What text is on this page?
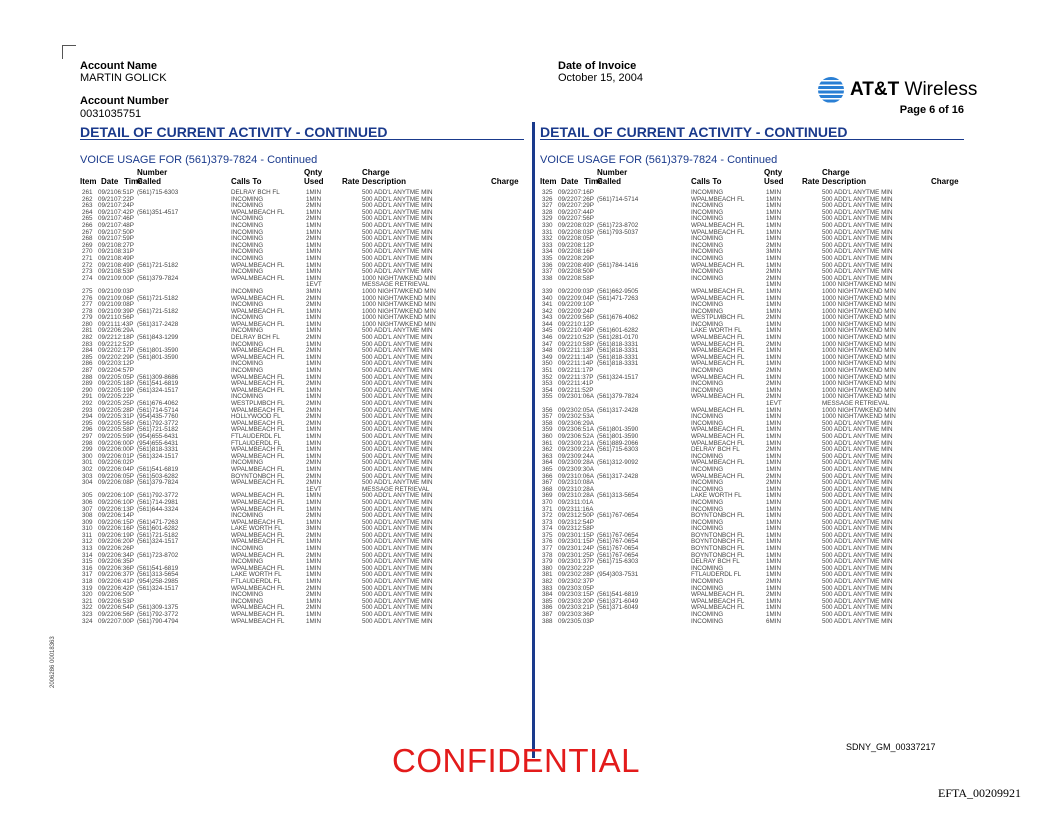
Account Name
MARTIN GOLICK
Account Number
0031035751
Date of Invoice
October 15, 2004
AT&T Wireless
Page 6 of 16
DETAIL OF CURRENT ACTIVITY - CONTINUED	DETAIL OF CURRENT ACTIVITY - CONTINUED
VOICE USAGE FOR (561)379-7824 - Continued	VOICE USAGE FOR (561)379-7824 - Continued
Number	Qnty	Charge
Item Date Time
Called	Calls To	Used Rate Description	Charge
Number	Qnty	Charge
Item Date Time
Called	Calls To	Used Rate Description	Charge
261 09/21 06:51P (561)715-6303	DELRAY BCH FL	1MIN	500 ADD'L ANYTME MIN
262 09/21 07:22P	INCOMING	1MIN	500 ADD'L ANYTME MIN
263 09/21 07:24P	INCOMING	2MIN	500 ADD'L ANYTME MIN
264 09/21 07:42P (561)351-4517	WPALMBEACH FL	1MIN	500 ADD'L ANYTME MIN
265 09/21 07:46P	INCOMING	2MIN	500 ADD'L ANYTME MIN
266 09/21 07:48P	INCOMING	1MIN	500 ADD'L ANYTME MIN
267 09/21 07:50P	INCOMING	1MIN	500 ADD'L ANYTME MIN
268 09/21 07:59P	INCOMING	2MIN	500 ADD'L ANYTME MIN
269 09/21 08:27P	INCOMING	1MIN	500 ADD'L ANYTME MIN
270 09/21 08:31P	INCOMING	1MIN	500 ADD'L ANYTME MIN
271 09/21 08:49P	INCOMING	1MIN	500 ADD'L ANYTME MIN
272 09/21 08:49P (561)721-5182	WPALMBEACH FL	1MIN	500 ADD'L ANYTME MIN
273 09/21 08:53P	INCOMING	1MIN	500 ADD'L ANYTME MIN
274 09/21 09:00P (561)379-7824	WPALMBEACH FL	1MIN	1000 NIGHT/WKEND MIN
1EVT	MESSAGE RETRIEVAL
275 09/21 09:03P	INCOMING	3MIN	1000 NIGHT/WKEND MIN
276 09/21 09:06P (561)721-5182	WPALMBEACH FL	2MIN	1000 NIGHT/WKEND MIN
277 09/21 09:08P	INCOMING	2MIN	1000 NIGHT/WKEND MIN
278 09/21 09:39P (561)721-5182	WPALMBEACH FL	1MIN	1000 NIGHT/WKEND MIN
279 09/21 10:56P	INCOMING	1MIN	1000 NIGHT/WKEND MIN
280 09/21 11:43P (561)317-2428	WPALMBEACH FL	1MIN	1000 NIGHT/WKEND MIN
281 09/22 06:29A	INCOMING	1MIN	500 ADD'L ANYTME MIN
282 09/22 12:18P (561)843-1299	DELRAY BCH FL	2MIN	500 ADD'L ANYTME MIN
283 09/22 12:52P	INCOMING	1MIN	500 ADD'L ANYTME MIN
284 09/22 02:17P (561)801-3590	WPALMBEACH FL	2MIN	500 ADD'L ANYTME MIN
285 09/22 02:29P (561)801-3590	WPALMBEACH FL	1MIN	500 ADD'L ANYTME MIN
286 09/22 03:12P	INCOMING	1MIN	500 ADD'L ANYTME MIN
287 09/22 04:57P	INCOMING	1MIN	500 ADD'L ANYTME MIN
288 09/22 05:05P (561)309-8686	WPALMBEACH FL	1MIN	500 ADD'L ANYTME MIN
289 09/22 05:18P (561)541-6819	WPALMBEACH FL	2MIN	500 ADD'L ANYTME MIN
290 09/22 05:19P (561)324-1517	WPALMBEACH FL	1MIN	500 ADD'L ANYTME MIN
291 09/22 05:22P	INCOMING	1MIN	500 ADD'L ANYTME MIN
292 09/22 05:25P (561)676-4062	WESTPLMBCH FL	2MIN	500 ADD'L ANYTME MIN
293 09/22 05:28P (561)714-5714	WPALMBEACH FL	2MIN	500 ADD'L ANYTME MIN
294 09/22 05:31P (954)435-7760	HOLLYWOOD FL	2MIN	500 ADD'L ANYTME MIN
295 09/22 05:56P (561)792-3772	WPALMBEACH FL	2MIN	500 ADD'L ANYTME MIN
296 09/22 05:58P (561)721-5182	WPALMBEACH FL	1MIN	500 ADD'L ANYTME MIN
297 09/22 05:59P (954)655-6431	FTLAUDERDL FL	1MIN	500 ADD'L ANYTME MIN
298 09/22 06:00P (954)655-6431	FTLAUDERDL FL	1MIN	500 ADD'L ANYTME MIN
299 09/22 06:00P (561)818-3331	WPALMBEACH FL	1MIN	500 ADD'L ANYTME MIN
300 09/22 06:01P (561)324-1517	WPALMBEACH FL	1MIN	500 ADD'L ANYTME MIN
301 09/22 06:02P	INCOMING	2MIN	500 ADD'L ANYTME MIN
302 09/22 06:04P (561)541-6819	WPALMBEACH FL	1MIN	500 ADD'L ANYTME MIN
303 09/22 06:05P (561)503-6282	BOYNTONBCH FL	2MIN	500 ADD'L ANYTME MIN
304 09/22 06:08P (561)379-7824	WPALMBEACH FL	2MIN	500 ADD'L ANYTME MIN
1EVT	MESSAGE RETRIEVAL
305 09/22 06:10P (561)792-3772	WPALMBEACH FL	1MIN	500 ADD'L ANYTME MIN
306 09/22 06:10P (561)714-2981	WPALMBEACH FL	1MIN	500 ADD'L ANYTME MIN
307 09/22 06:13P (561)644-3324	WPALMBEACH FL	1MIN	500 ADD'L ANYTME MIN
308 09/22 06:14P	INCOMING	2MIN	500 ADD'L ANYTME MIN
309 09/22 06:15P (561)471-7263	WPALMBEACH FL	1MIN	500 ADD'L ANYTME MIN
310 09/22 06:16P (561)601-6282	LAKE WORTH FL	3MIN	500 ADD'L ANYTME MIN
311 09/22 06:19P (561)721-5182	WPALMBEACH FL	2MIN	500 ADD'L ANYTME MIN
312 09/22 06:20P (561)324-1517	WPALMBEACH FL	1MIN	500 ADD'L ANYTME MIN
313 09/22 06:26P	INCOMING	1MIN	500 ADD'L ANYTME MIN
314 09/22 06:34P (561)723-8702	WPALMBEACH FL	2MIN	500 ADD'L ANYTME MIN
315 09/22 06:35P	INCOMING	1MIN	500 ADD'L ANYTME MIN
316 09/22 06:36P (561)541-6819	WPALMBEACH FL	1MIN	500 ADD'L ANYTME MIN
317 09/22 06:37P (561)313-5654	LAKE WORTH FL	1MIN	500 ADD'L ANYTME MIN
318 09/22 06:41P (954)258-2985	FTLAUDERDL FL	1MIN	500 ADD'L ANYTME MIN
319 09/22 06:42P (561)324-1517	WPALMBEACH FL	2MIN	500 ADD'L ANYTME MIN
320 09/22 06:50P	INCOMING	2MIN	500 ADD'L ANYTME MIN
321 09/22 06:53P	INCOMING	1MIN	500 ADD'L ANYTME MIN
322 09/22 06:54P (561)309-1375	WPALMBEACH FL	2MIN	500 ADD'L ANYTME MIN
323 09/22 06:56P (561)792-3772	WPALMBEACH FL	1MIN	500 ADD'L ANYTME MIN
324 09/22 07:00P (561)790-4794	WPALMBEACH FL	1MIN	500 ADD'L ANYTME MIN
325 09/22 07:16P	INCOMING	1MIN	500 ADD'L ANYTME MIN
326 09/22 07:26P (561)714-5714	WPALMBEACH FL	1MIN	500 ADD'L ANYTME MIN
327 09/22 07:29P	INCOMING	1MIN	500 ADD'L ANYTME MIN
328 09/22 07:44P	INCOMING	1MIN	500 ADD'L ANYTME MIN
329 09/22 07:56P	INCOMING	1MIN	500 ADD'L ANYTME MIN
330 09/22 08:02P (561)723-8702	WPALMBEACH FL	1MIN	500 ADD'L ANYTME MIN
331 09/22 08:03P (561)793-5037	WPALMBEACH FL	1MIN	500 ADD'L ANYTME MIN
332 09/22 08:05P	INCOMING	1MIN	500 ADD'L ANYTME MIN
333 09/22 08:12P	INCOMING	2MIN	500 ADD'L ANYTME MIN
334 09/22 08:16P	INCOMING	3MIN	500 ADD'L ANYTME MIN
335 09/22 08:29P	INCOMING	1MIN	500 ADD'L ANYTME MIN
336 09/22 08:49P (561)784-1416	WPALMBEACH FL	1MIN	500 ADD'L ANYTME MIN
337 09/22 08:50P	INCOMING	2MIN	500 ADD'L ANYTME MIN
338 09/22 08:58P	INCOMING	2MIN	500 ADD'L ANYTME MIN
1MIN	1000 NIGHT/WKEND MIN
339 09/22 09:03P (561)662-9505	WPALMBEACH FL	1MIN	1000 NIGHT/WKEND MIN
340 09/22 09:04P (561)471-7263	WPALMBEACH FL	1MIN	1000 NIGHT/WKEND MIN
341 09/22 09:10P	INCOMING	1MIN	1000 NIGHT/WKEND MIN
342 09/22 09:24P	INCOMING	1MIN	1000 NIGHT/WKEND MIN
343 09/22 09:56P (561)676-4062	WESTPLMBCH FL	2MIN	1000 NIGHT/WKEND MIN
344 09/22 10:12P	INCOMING	1MIN	1000 NIGHT/WKEND MIN
345 09/22 10:49P (561)601-6282	LAKE WORTH FL	1MIN	1000 NIGHT/WKEND MIN
346 09/22 10:52P (561)281-0170	WPALMBEACH FL	1MIN	1000 NIGHT/WKEND MIN
347 09/22 10:58P (561)818-3331	WPALMBEACH FL	2MIN	1000 NIGHT/WKEND MIN
348 09/22 11:13P (561)818-3331	WPALMBEACH FL	1MIN	1000 NIGHT/WKEND MIN
349 09/22 11:14P (561)818-3331	WPALMBEACH FL	1MIN	1000 NIGHT/WKEND MIN
350 09/22 11:14P (561)818-3331	WPALMBEACH FL	1MIN	1000 NIGHT/WKEND MIN
351 09/22 11:17P	INCOMING	2MIN	1000 NIGHT/WKEND MIN
352 09/22 11:37P (561)324-1517	WPALMBEACH FL	1MIN	1000 NIGHT/WKEND MIN
353 09/22 11:41P	INCOMING	2MIN	1000 NIGHT/WKEND MIN
354 09/22 11:52P	INCOMING	1MIN	1000 NIGHT/WKEND MIN
355 09/23 01:06A (561)379-7824	WPALMBEACH FL	2MIN	1000 NIGHT/WKEND MIN
1EVT	MESSAGE RETRIEVAL
356 09/23 02:05A (561)317-2428	WPALMBEACH FL	1MIN	1000 NIGHT/WKEND MIN
357 09/23 02:53A	INCOMING	1MIN	1000 NIGHT/WKEND MIN
358 09/23 06:29A	INCOMING	1MIN	500 ADD'L ANYTME MIN
359 09/23 06:51A (561)801-3590	WPALMBEACH FL	1MIN	500 ADD'L ANYTME MIN
360 09/23 06:52A (561)801-3590	WPALMBEACH FL	1MIN	500 ADD'L ANYTME MIN
361 09/23 09:21A (561)889-2066	WPALMBEACH FL	1MIN	500 ADD'L ANYTME MIN
362 09/23 09:22A (561)715-6303	DELRAY BCH FL	2MIN	500 ADD'L ANYTME MIN
363 09/23 09:24A	INCOMING	1MIN	500 ADD'L ANYTME MIN
364 09/23 09:28A (561)312-9092	WPALMBEACH FL	1MIN	500 ADD'L ANYTME MIN
365 09/23 09:30A	INCOMING	1MIN	500 ADD'L ANYTME MIN
366 09/23 10:06A (561)317-2428	WPALMBEACH FL	2MIN	500 ADD'L ANYTME MIN
367 09/23 10:08A	INCOMING	2MIN	500 ADD'L ANYTME MIN
368 09/23 10:28A	INCOMING	1MIN	500 ADD'L ANYTME MIN
369 09/23 10:28A (561)313-5654	LAKE WORTH FL	1MIN	500 ADD'L ANYTME MIN
370 09/23 11:01A	INCOMING	1MIN	500 ADD'L ANYTME MIN
371 09/23 11:16A	INCOMING	1MIN	500 ADD'L ANYTME MIN
372 09/23 12:50P (561)767-0654	BOYNTONBCH FL	1MIN	500 ADD'L ANYTME MIN
373 09/23 12:54P	INCOMING	1MIN	500 ADD'L ANYTME MIN
374 09/23 12:58P	INCOMING	1MIN	500 ADD'L ANYTME MIN
375 09/23 01:15P (561)767-0654	BOYNTONBCH FL	1MIN	500 ADD'L ANYTME MIN
376 09/23 01:15P (561)767-0654	BOYNTONBCH FL	1MIN	500 ADD'L ANYTME MIN
377 09/23 01:24P (561)767-0654	BOYNTONBCH FL	1MIN	500 ADD'L ANYTME MIN
378 09/23 01:25P (561)767-0654	BOYNTONBCH FL	1MIN	500 ADD'L ANYTME MIN
379 09/23 01:37P (561)715-6303	DELRAY BCH FL	1MIN	500 ADD'L ANYTME MIN
380 09/23 02:22P	INCOMING	1MIN	500 ADD'L ANYTME MIN
381 09/23 02:28P (954)303-7531	FTLAUDERDL FL	1MIN	500 ADD'L ANYTME MIN
382 09/23 02:37P	INCOMING	2MIN	500 ADD'L ANYTME MIN
383 09/23 03:05P	INCOMING	1MIN	500 ADD'L ANYTME MIN
384 09/23 03:15P (561)541-6819	WPALMBEACH FL	2MIN	500 ADD'L ANYTME MIN
385 09/23 03:20P (561)371-6049	WPALMBEACH FL	1MIN	500 ADD'L ANYTME MIN
386 09/23 03:21P (561)371-6049	WPALMBEACH FL	1MIN	500 ADD'L ANYTME MIN
387 09/23 03:36P	INCOMING	1MIN	500 ADD'L ANYTME MIN
388 09/23 05:03P	INCOMING	6MIN	500 ADD'L ANYTME MIN
CONFIDENTIAL	SDNY_GM_00337217
EFTA_00209921
2006286 00018363
